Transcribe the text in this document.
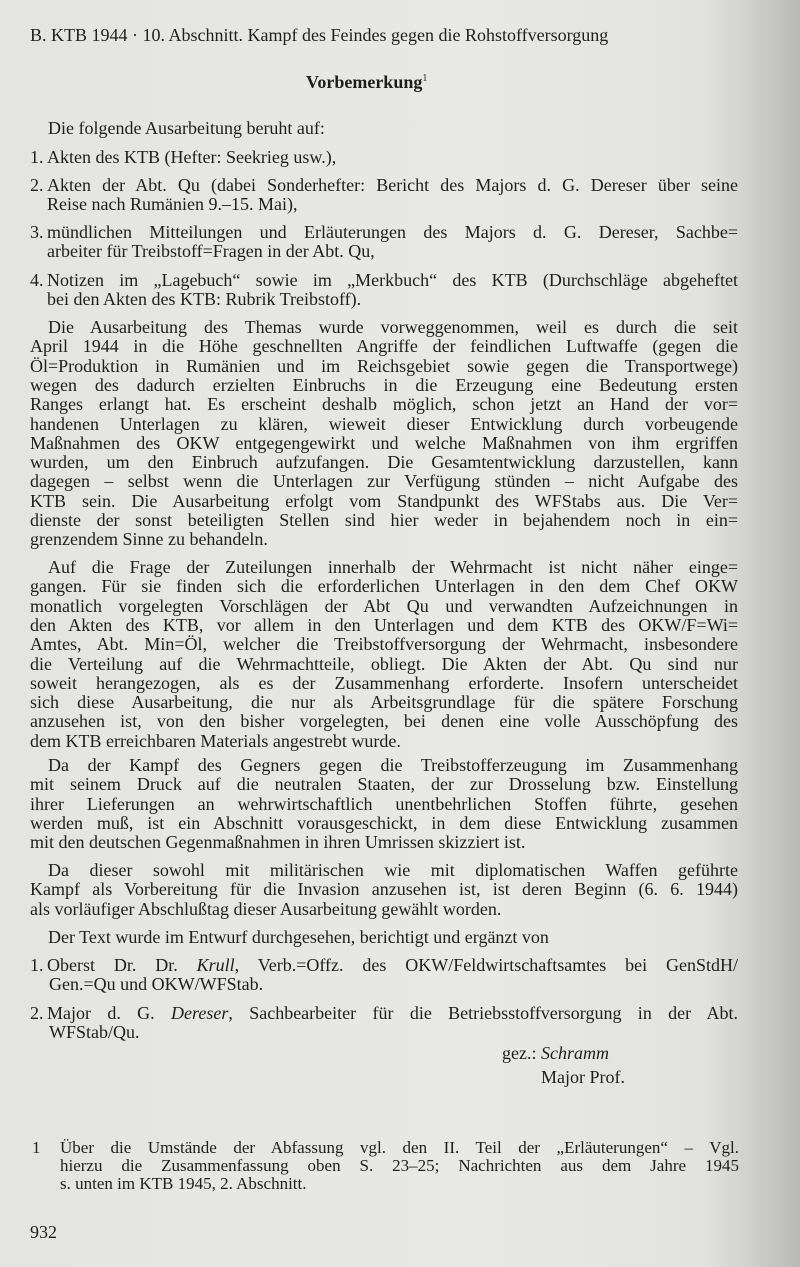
B. KTB 1944 · 10. Abschnitt. Kampf des Feindes gegen die Rohstoffversorgung
Vorbemerkung$^1$
Die folgende Ausarbeitung beruht auf:
1. Akten des KTB (Hefter: Seekrieg usw.),
2. Akten der Abt. Qu (dabei Sonderhefter: Bericht des Majors d. G. Dereser über seine
Reise nach Rumänien 9.–15. Mai),
3. mündlichen Mitteilungen und Erläuterungen des Majors d. G. Dereser, Sachbe=
arbeiter für Treibstoff=Fragen in der Abt. Qu,
4. Notizen im „Lagebuch“ sowie im „Merkbuch“ des KTB (Durchschläge abgeheftet
bei den Akten des KTB: Rubrik Treibstoff).
Die Ausarbeitung des Themas wurde vorweggenommen, weil es durch die seit
April 1944 in die Höhe geschnellten Angriffe der feindlichen Luftwaffe (gegen die
Öl=Produktion in Rumänien und im Reichsgebiet sowie gegen die Transportwege)
wegen des dadurch erzielten Einbruchs in die Erzeugung eine Bedeutung ersten
Ranges erlangt hat. Es erscheint deshalb möglich, schon jetzt an Hand der vor=
handenen Unterlagen zu klären, wieweit dieser Entwicklung durch vorbeugende
Maßnahmen des OKW entgegengewirkt und welche Maßnahmen von ihm ergriffen
wurden, um den Einbruch aufzufangen. Die Gesamtentwicklung darzustellen, kann
dagegen – selbst wenn die Unterlagen zur Verfügung stünden – nicht Aufgabe des
KTB sein. Die Ausarbeitung erfolgt vom Standpunkt des WFStabs aus. Die Ver=
dienste der sonst beteiligten Stellen sind hier weder in bejahendem noch in ein=
grenzendem Sinne zu behandeln.
Auf die Frage der Zuteilungen innerhalb der Wehrmacht ist nicht näher einge=
gangen. Für sie finden sich die erforderlichen Unterlagen in den dem Chef OKW
monatlich vorgelegten Vorschlägen der Abt Qu und verwandten Aufzeichnungen in
den Akten des KTB, vor allem in den Unterlagen und dem KTB des OKW/F=Wi=
Amtes, Abt. Min=Öl, welcher die Treibstoffversorgung der Wehrmacht, insbesondere
die Verteilung auf die Wehrmachtteile, obliegt. Die Akten der Abt. Qu sind nur
soweit herangezogen, als es der Zusammenhang erforderte. Insofern unterscheidet
sich diese Ausarbeitung, die nur als Arbeitsgrundlage für die spätere Forschung
anzusehen ist, von den bisher vorgelegten, bei denen eine volle Ausschöpfung des
dem KTB erreichbaren Materials angestrebt wurde.
Da der Kampf des Gegners gegen die Treibstofferzeugung im Zusammenhang
mit seinem Druck auf die neutralen Staaten, der zur Drosselung bzw. Einstellung
ihrer Lieferungen an wehrwirtschaftlich unentbehrlichen Stoffen führte, gesehen
werden muß, ist ein Abschnitt vorausgeschickt, in dem diese Entwicklung zusammen
mit den deutschen Gegenmaßnahmen in ihren Umrissen skizziert ist.
Da dieser sowohl mit militärischen wie mit diplomatischen Waffen geführte
Kampf als Vorbereitung für die Invasion anzusehen ist, ist deren Beginn (6. 6. 1944)
als vorläufiger Abschlußtag dieser Ausarbeitung gewählt worden.
Der Text wurde im Entwurf durchgesehen, berichtigt und ergänzt von
1. Oberst Dr. Dr. Krull, Verb.=Offz. des OKW/Feldwirtschaftsamtes bei GenStdH/
Gen.=Qu und OKW/WFStab.
2. Major d. G. Dereser, Sachbearbeiter für die Betriebsstoffversorgung in der Abt.
WFStab/Qu.
gez.: Schramm
Major Prof.
1 Über die Umstände der Abfassung vgl. den II. Teil der „Erläuterungen“ – Vgl.
hierzu die Zusammenfassung oben S. 23–25; Nachrichten aus dem Jahre 1945
s. unten im KTB 1945, 2. Abschnitt.
932
